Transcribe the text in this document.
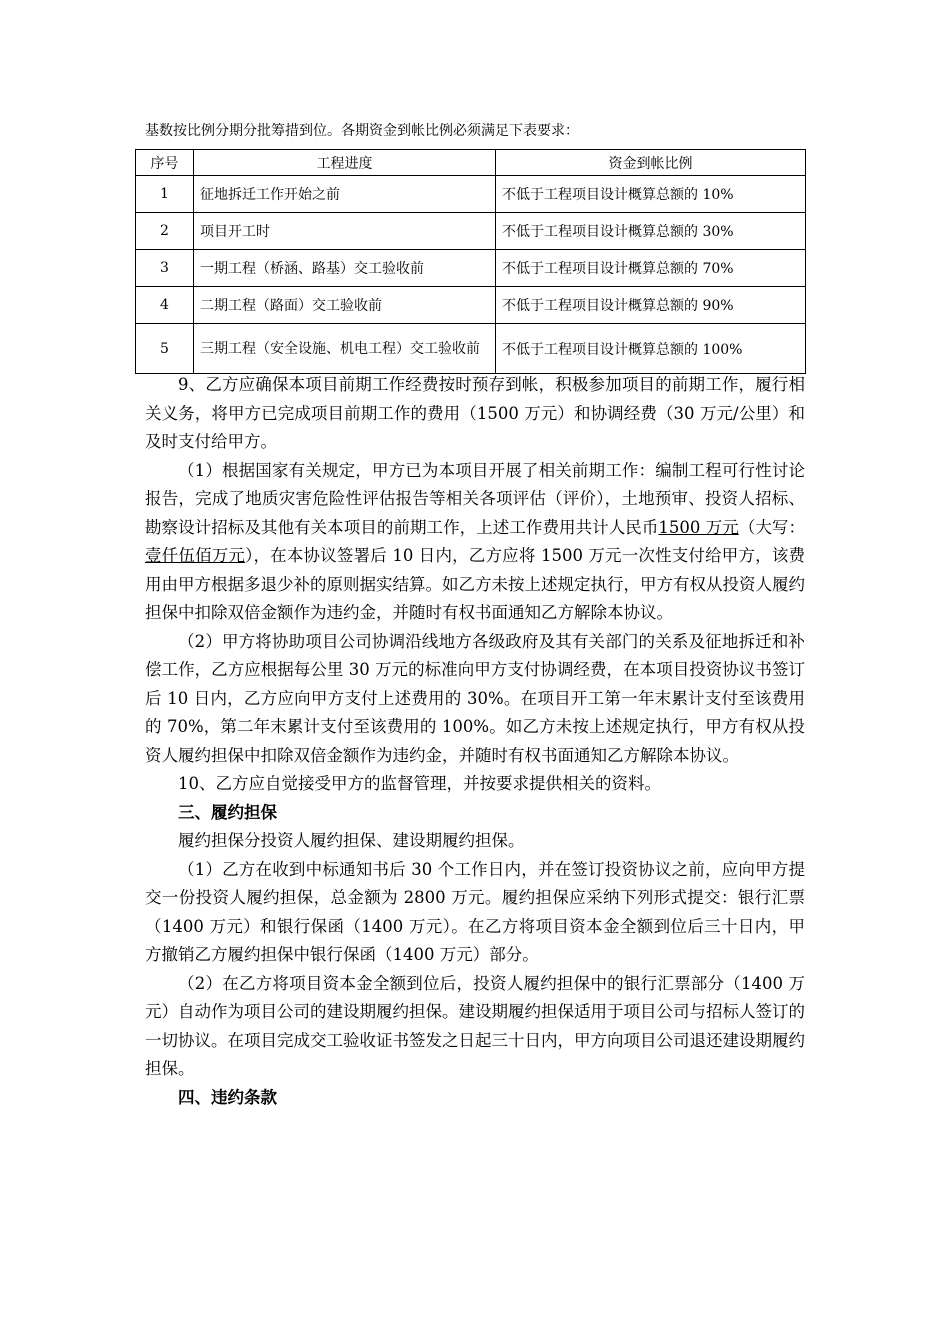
基数按比例分期分批筹措到位。各期资金到帐比例必须满足下表要求：
序号	工程进度	资金到帐比例
1	征地拆迁工作开始之前	不低于工程项目设计概算总额的 10%
2	项目开工时	不低于工程项目设计概算总额的 30%
3	一期工程（桥涵、路基）交工验收前	不低于工程项目设计概算总额的 70%
4	二期工程（路面）交工验收前	不低于工程项目设计概算总额的 90%
5	三期工程（安全设施、机电工程）交工验收前	不低于工程项目设计概算总额的 100%

9、乙方应确保本项目前期工作经费按时预存到帐，积极参加项目的前期工作，履行相关义务，将甲方已完成项目前期工作的费用（1500 万元）和协调经费（30 万元/公里）和及时支付给甲方。

（1）根据国家有关规定，甲方已为本项目开展了相关前期工作：编制工程可行性讨论报告，完成了地质灾害危险性评估报告等相关各项评估（评价），土地预审、投资人招标、勘察设计招标及其他有关本项目的前期工作，上述工作费用共计人民币1500 万元（大写：壹仟伍佰万元），在本协议签署后 10 日内，乙方应将 1500 万元一次性支付给甲方，该费用由甲方根据多退少补的原则据实结算。如乙方未按上述规定执行，甲方有权从投资人履约担保中扣除双倍金额作为违约金，并随时有权书面通知乙方解除本协议。

（2）甲方将协助项目公司协调沿线地方各级政府及其有关部门的关系及征地拆迁和补偿工作，乙方应根据每公里 30 万元的标准向甲方支付协调经费，在本项目投资协议书签订后 10 日内，乙方应向甲方支付上述费用的 30%。在项目开工第一年末累计支付至该费用的 70%，第二年末累计支付至该费用的 100%。如乙方未按上述规定执行，甲方有权从投资人履约担保中扣除双倍金额作为违约金，并随时有权书面通知乙方解除本协议。

10、乙方应自觉接受甲方的监督管理，并按要求提供相关的资料。

三、履约担保

履约担保分投资人履约担保、建设期履约担保。

（1）乙方在收到中标通知书后 30 个工作日内，并在签订投资协议之前，应向甲方提交一份投资人履约担保，总金额为 2800 万元。履约担保应采纳下列形式提交：银行汇票（1400 万元）和银行保函（1400 万元）。在乙方将项目资本金全额到位后三十日内，甲方撤销乙方履约担保中银行保函（1400 万元）部分。

（2）在乙方将项目资本金全额到位后，投资人履约担保中的银行汇票部分（1400 万元）自动作为项目公司的建设期履约担保。建设期履约担保适用于项目公司与招标人签订的一切协议。在项目完成交工验收证书签发之日起三十日内，甲方向项目公司退还建设期履约担保。

四、违约条款
